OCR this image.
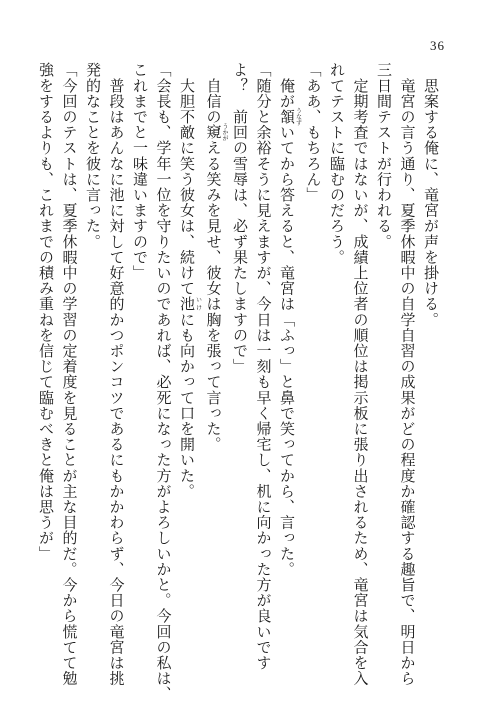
36
　思案する俺に、竜宮が声を掛ける。
　竜宮の言う通り、夏季休暇中の自学自習の成果がどの程度か確認する趣旨で、明日から
三日間テストが行われる。
　定期考査ではないが、成績上位者の順位は掲示板に張り出されるため、竜宮は気合を入
れてテストに臨むのだろう。
「ああ、もちろん」
　俺が頷うなずいてから答えると、竜宮は「ふっ」と鼻で笑ってから、言った。
「随分と余裕そうに見えますが、今日は一刻も早く帰宅し、机に向かった方が良いです
よ？　前回の雪辱は、必ず果たしますので」
　自信の窺うかがえる笑みを見せ、彼女は胸を張って言った。
　大胆不敵に笑う彼女は、続けて池いけにも向かって口を開いた。
「会長も、学年一位を守りたいのであれば、必死になった方がよろしいかと。今回の私は、
これまでと一味違いますので」
　普段はあんなに池に対して好意的かつポンコツであるにもかかわらず、今日の竜宮は挑
発的なことを彼に言った。
「今回のテストは、夏季休暇中の学習の定着度を見ることが主な目的だ。今から慌てて勉
強をするよりも、これまでの積み重ねを信じて臨むべきと俺は思うが」
